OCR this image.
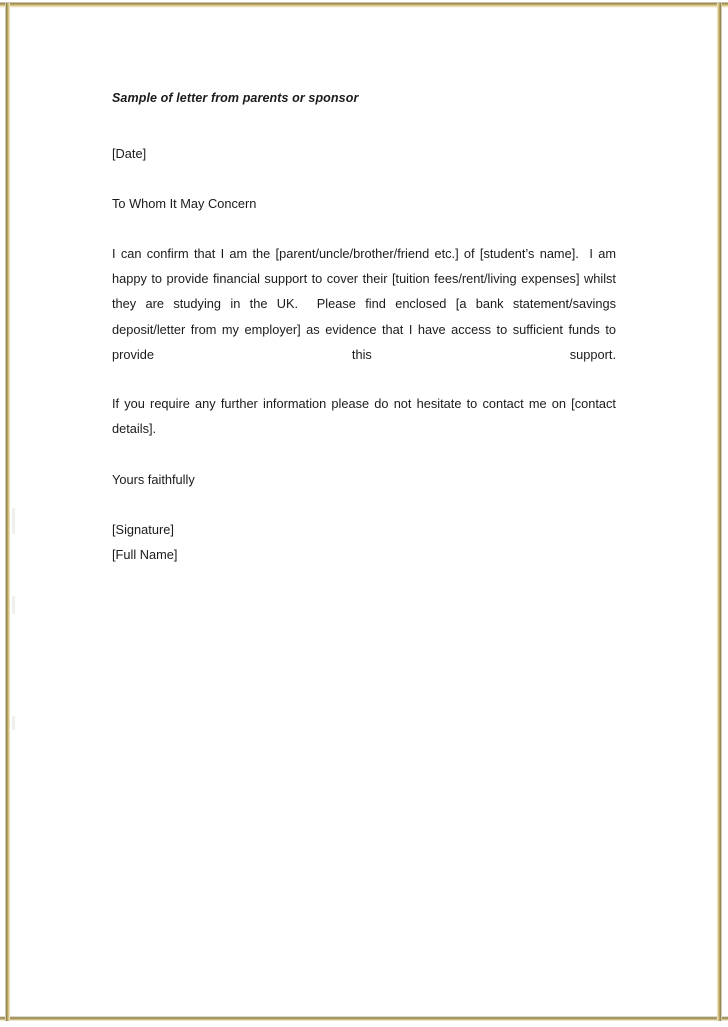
Sample of letter from parents or sponsor

[Date]

To Whom It May Concern

I can confirm that I am the [parent/uncle/brother/friend etc.] of [student’s name].  I am happy to provide financial support to cover their [tuition fees/rent/living expenses] whilst they are studying in the UK.  Please find enclosed [a bank statement/savings deposit/letter from my employer] as evidence that I have access to sufficient funds to provide this support.

If you require any further information please do not hesitate to contact me on [contact details].

Yours faithfully

[Signature]

[Full Name]
